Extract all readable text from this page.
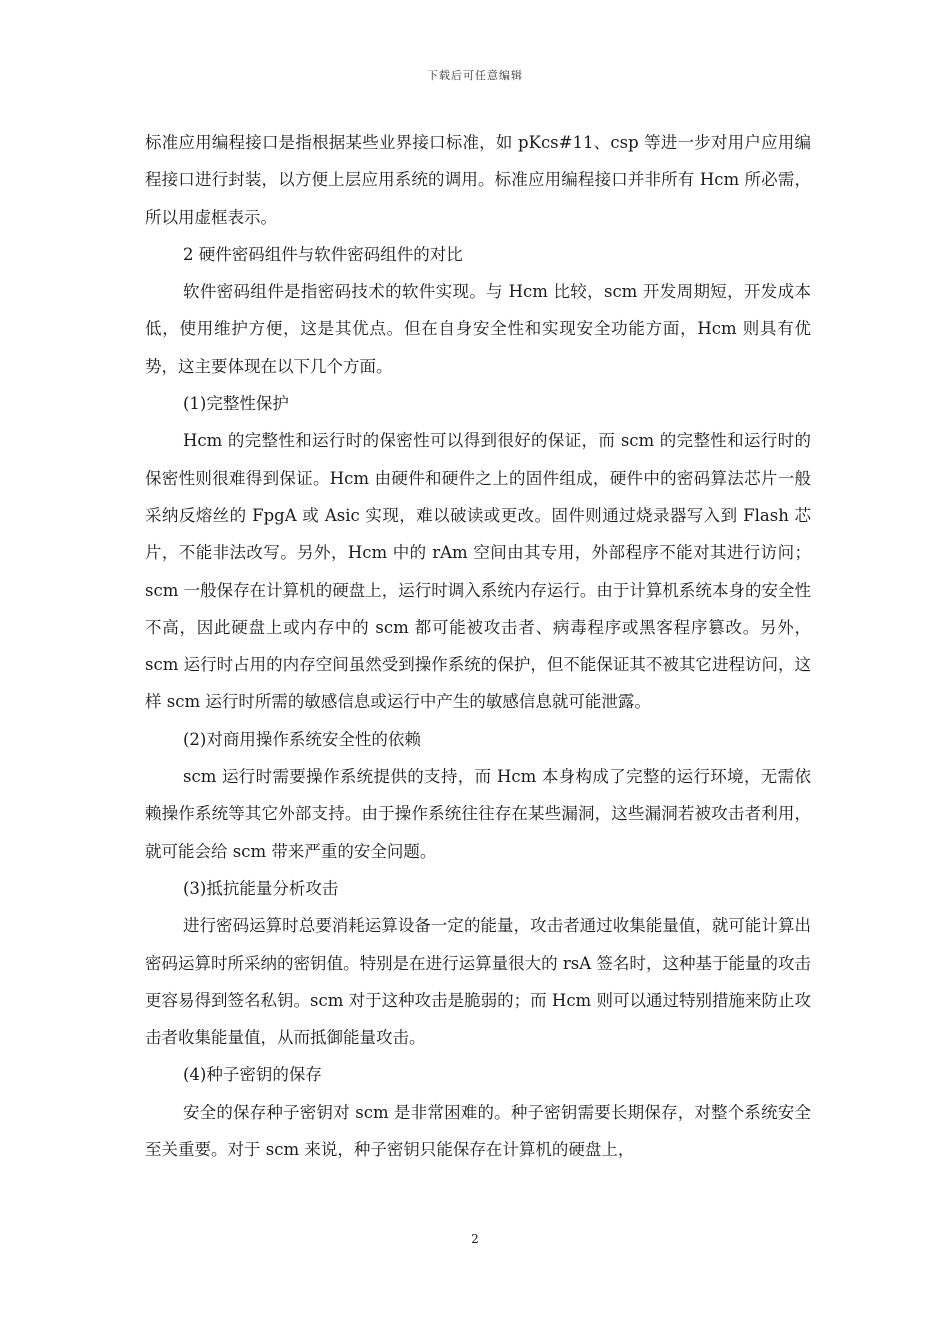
下载后可任意编辑

标准应用编程接口是指根据某些业界接口标准，如 pKcs#11、csp 等进一步对用户应用编程接口进行封装，以方便上层应用系统的调用。标准应用编程接口并非所有 Hcm 所必需，所以用虚框表示。

2 硬件密码组件与软件密码组件的对比

软件密码组件是指密码技术的软件实现。与 Hcm 比较，scm 开发周期短，开发成本低，使用维护方便，这是其优点。但在自身安全性和实现安全功能方面，Hcm 则具有优势，这主要体现在以下几个方面。

(1)完整性保护

Hcm 的完整性和运行时的保密性可以得到很好的保证，而 scm 的完整性和运行时的保密性则很难得到保证。Hcm 由硬件和硬件之上的固件组成，硬件中的密码算法芯片一般采纳反熔丝的 FpgA 或 Asic 实现，难以破读或更改。固件则通过烧录器写入到 Flash 芯片，不能非法改写。另外，Hcm 中的 rAm 空间由其专用，外部程序不能对其进行访问；scm 一般保存在计算机的硬盘上，运行时调入系统内存运行。由于计算机系统本身的安全性不高，因此硬盘上或内存中的 scm 都可能被攻击者、病毒程序或黑客程序篡改。另外，scm 运行时占用的内存空间虽然受到操作系统的保护，但不能保证其不被其它进程访问，这样 scm 运行时所需的敏感信息或运行中产生的敏感信息就可能泄露。

(2)对商用操作系统安全性的依赖

scm 运行时需要操作系统提供的支持，而 Hcm 本身构成了完整的运行环境，无需依赖操作系统等其它外部支持。由于操作系统往往存在某些漏洞，这些漏洞若被攻击者利用，就可能会给 scm 带来严重的安全问题。

(3)抵抗能量分析攻击

进行密码运算时总要消耗运算设备一定的能量，攻击者通过收集能量值，就可能计算出密码运算时所采纳的密钥值。特别是在进行运算量很大的 rsA 签名时，这种基于能量的攻击更容易得到签名私钥。scm 对于这种攻击是脆弱的；而 Hcm 则可以通过特别措施来防止攻击者收集能量值，从而抵御能量攻击。

(4)种子密钥的保存

安全的保存种子密钥对 scm 是非常困难的。种子密钥需要长期保存，对整个系统安全至关重要。对于 scm 来说，种子密钥只能保存在计算机的硬盘上，

2
